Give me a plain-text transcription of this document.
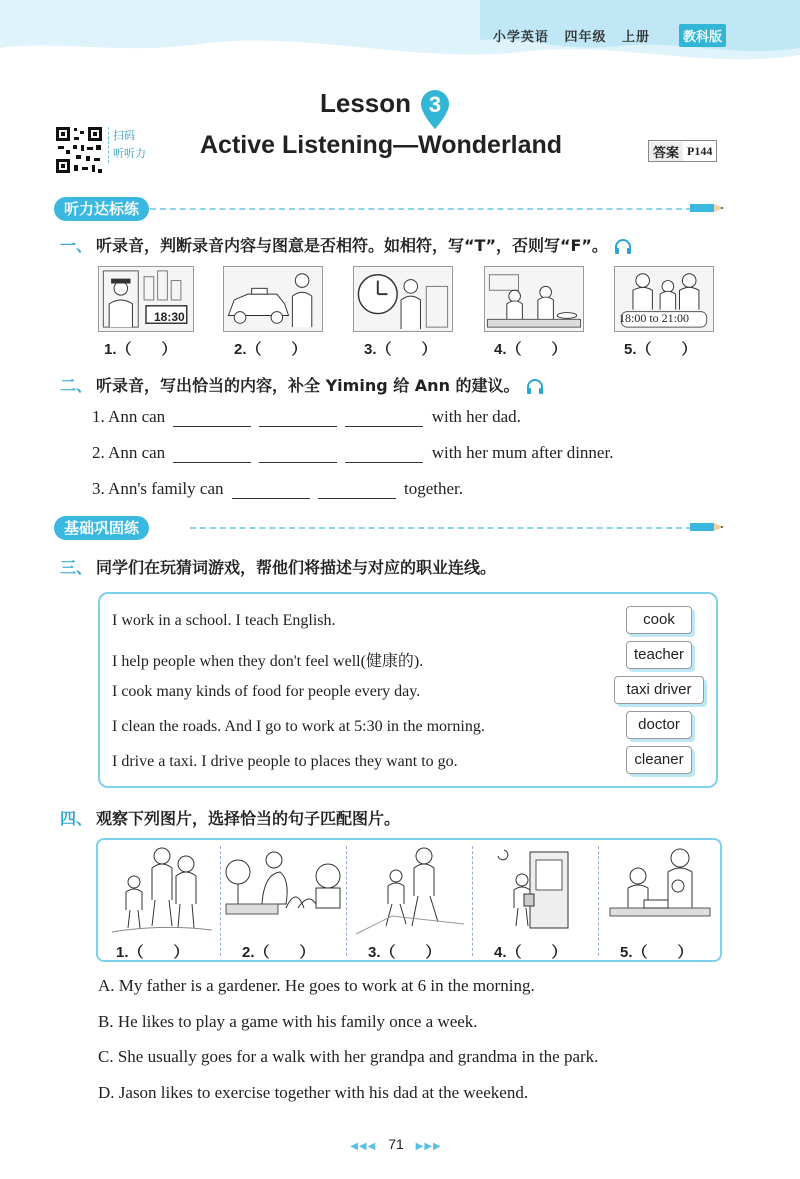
小学英语 四年级 上册	教科版
Lesson 3
Active Listening—Wonderland
扫码
听听力	答案 P144
听力达标练
一、 听录音，判断录音内容与图意是否相符。如相符，写“T”，否则写“F”。
18:30	18:00 to 21:00
1.（　　）	2.（　　）	3.（　　）	4.（　　）	5.（　　）
二、 听录音，写出恰当的内容，补全 Yiming 给 Ann 的建议。
1. Ann can	with her dad.
2. Ann can	with her mum after dinner.
3. Ann's family can	together.
基础巩固练
三、 同学们在玩猜词游戏，帮他们将描述与对应的职业连线。
I work in a school. I teach English.
I help people when they don't feel well(健康的).
I cook many kinds of food for people every day.
I clean the roads. And I go to work at 5:30 in the morning.
I drive a taxi. I drive people to places they want to go.
cook
teacher
taxi driver
doctor
cleaner
四、 观察下列图片，选择恰当的句子匹配图片。
1.（　　）	2.（　　）	3.（　　）	4.（　　）	5.（　　）
A. My father is a gardener. He goes to work at 6 in the morning.
B. He likes to play a game with his family once a week.
C. She usually goes for a walk with her grandpa and grandma in the park.
D. Jason likes to exercise together with his dad at the weekend.
◀◀◀ 71 ▶▶▶
